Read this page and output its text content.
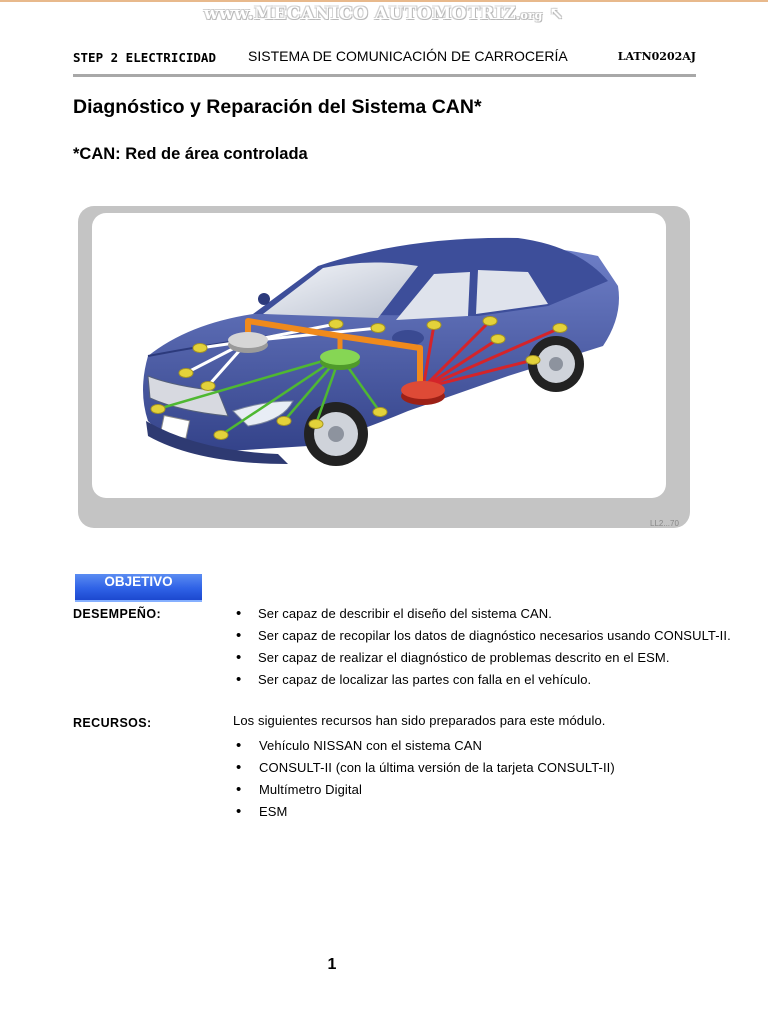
www.MECANICO AUTOMOTRIZ.org ↖
STEP 2 ELECTRICIDAD SISTEMA DE COMUNICACIÓN DE CARROCERÍA	LATN0202AJ
Diagnóstico y Reparación del Sistema CAN*
*CAN: Red de área controlada
LL2...70
OBJETIVO
DESEMPEÑO:
•	Ser capaz de describir el diseño del sistema CAN.
• Ser capaz de recopilar los datos de diagnóstico necesarios usando CONSULT-II.
• Ser capaz de realizar el diagnóstico de problemas descrito en el ESM.
• Ser capaz de localizar las partes con falla en el vehículo.
RECURSOS:	Los siguientes recursos han sido preparados para este módulo.
• Vehículo NISSAN con el sistema CAN
• CONSULT-II (con la última versión de la tarjeta CONSULT-II)
• Multímetro Digital
• ESM
1
